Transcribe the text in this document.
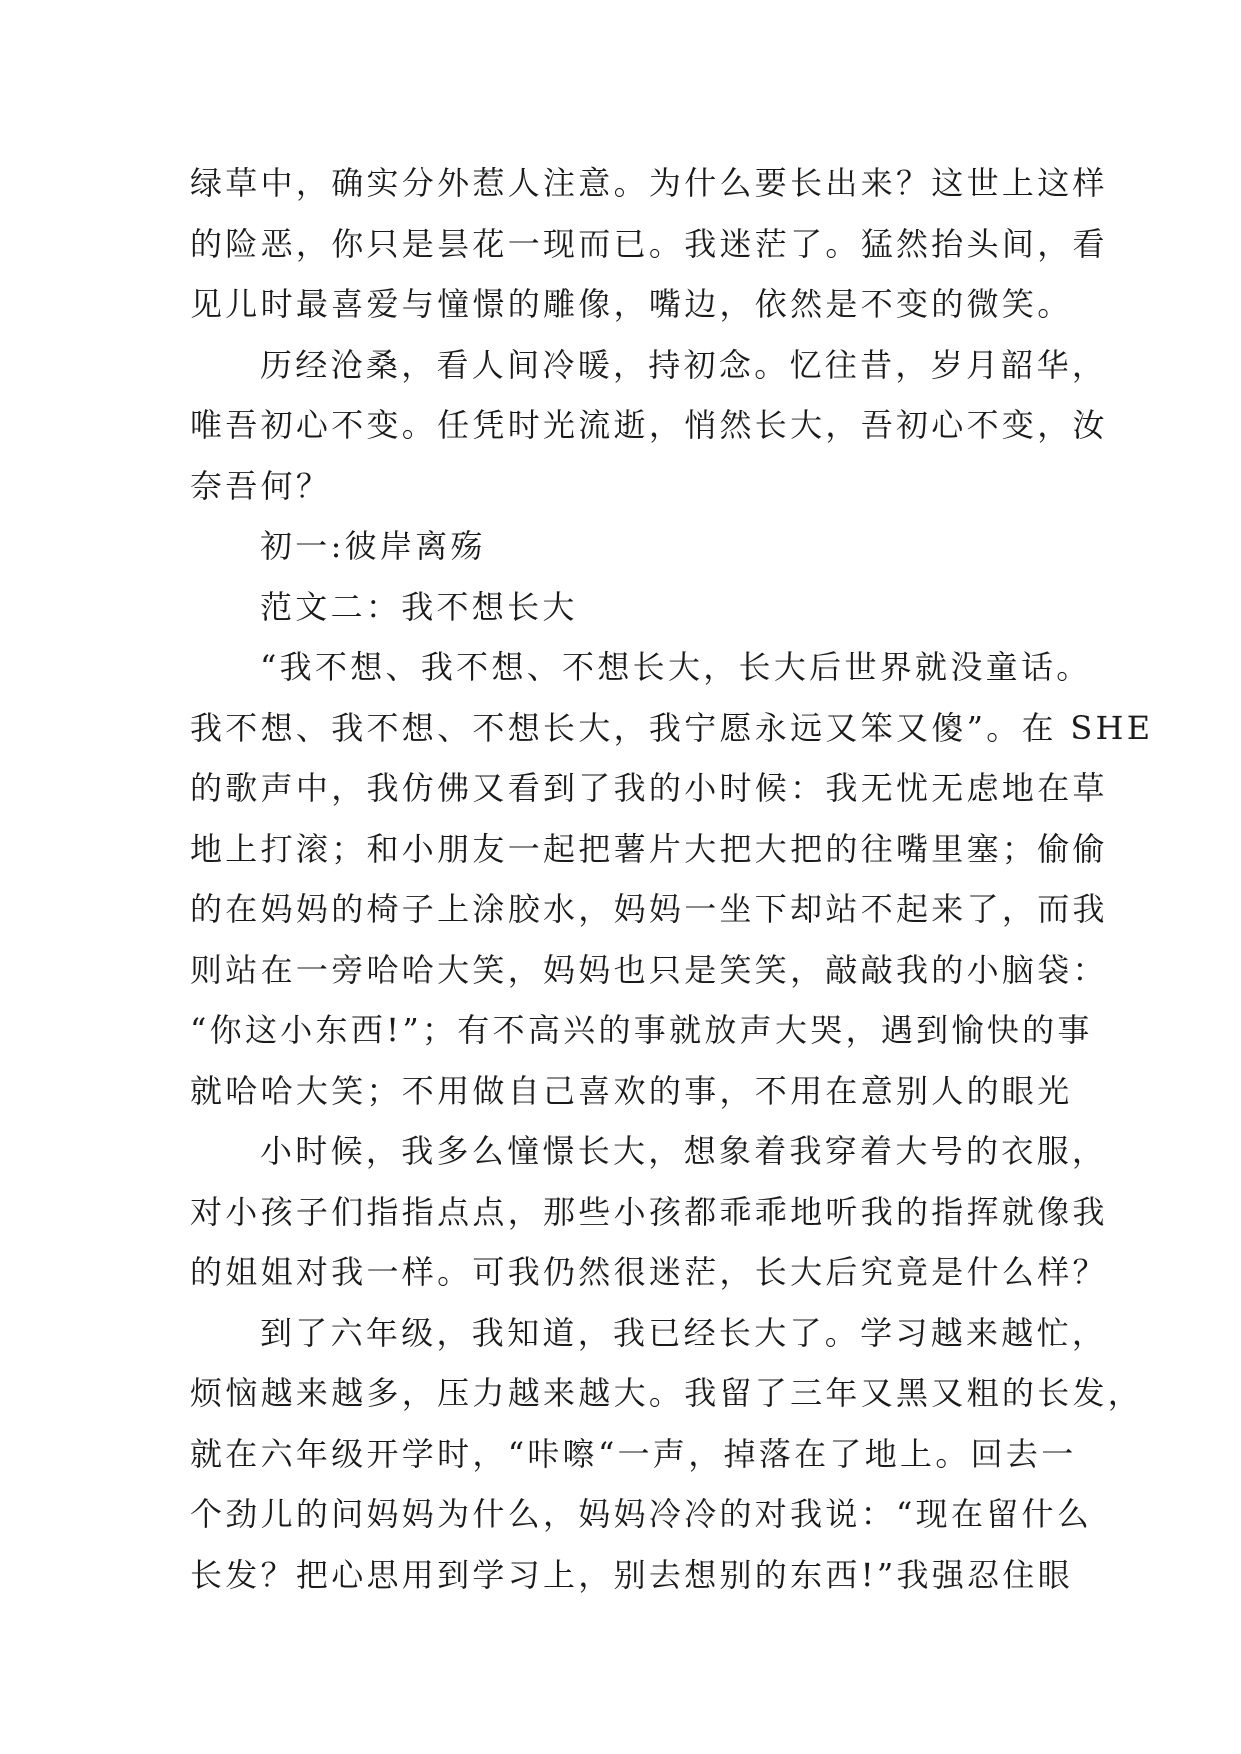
绿草中，确实分外惹人注意。为什么要长出来？这世上这样
的险恶，你只是昙花一现而已。我迷茫了。猛然抬头间，看
见儿时最喜爱与憧憬的雕像，嘴边，依然是不变的微笑。
历经沧桑，看人间冷暖，持初念。忆往昔，岁月韶华，
唯吾初心不变。任凭时光流逝，悄然长大，吾初心不变，汝
奈吾何？
初一:彼岸离殇
范文二：我不想长大
“我不想、我不想、不想长大，长大后世界就没童话。
我不想、我不想、不想长大，我宁愿永远又笨又傻”。在 SHE
的歌声中，我仿佛又看到了我的小时候：我无忧无虑地在草
地上打滚；和小朋友一起把薯片大把大把的往嘴里塞；偷偷
的在妈妈的椅子上涂胶水，妈妈一坐下却站不起来了，而我
则站在一旁哈哈大笑，妈妈也只是笑笑，敲敲我的小脑袋：
“你这小东西!”；有不高兴的事就放声大哭，遇到愉快的事
就哈哈大笑；不用做自己喜欢的事，不用在意别人的眼光
小时候，我多么憧憬长大，想象着我穿着大号的衣服，
对小孩子们指指点点，那些小孩都乖乖地听我的指挥就像我
的姐姐对我一样。可我仍然很迷茫，长大后究竟是什么样？
到了六年级，我知道，我已经长大了。学习越来越忙，
烦恼越来越多，压力越来越大。我留了三年又黑又粗的长发，
就在六年级开学时，“咔嚓“一声，掉落在了地上。回去一
个劲儿的问妈妈为什么，妈妈冷冷的对我说：“现在留什么
长发？把心思用到学习上，别去想别的东西!”我强忍住眼
